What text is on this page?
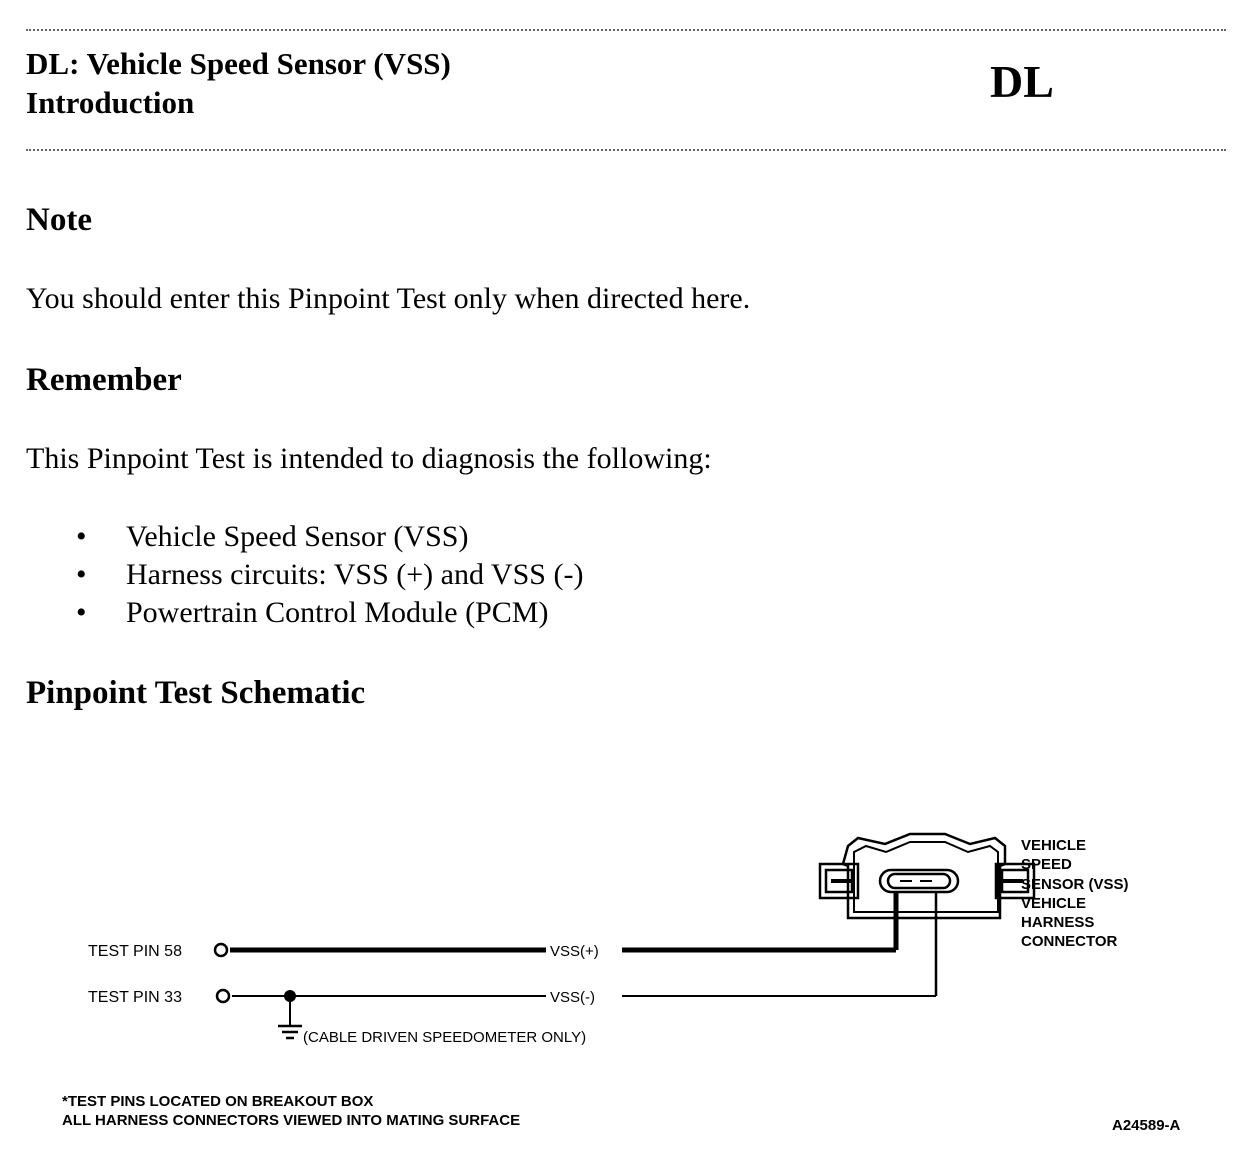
DL: Vehicle Speed Sensor (VSS)
Introduction	DL
Note
You should enter this Pinpoint Test only when directed here.
Remember
This Pinpoint Test is intended to diagnosis the following:
• Vehicle Speed Sensor (VSS)
• Harness circuits: VSS (+) and VSS (-)
• Powertrain Control Module (PCM)
Pinpoint Test Schematic
TEST PIN 58
TEST PIN 33
VSS(+)
VSS(-)
(CABLE DRIVEN SPEEDOMETER ONLY)
VEHICLE
SPEED
SENSOR (VSS)
VEHICLE
HARNESS
CONNECTOR
*TEST PINS LOCATED ON BREAKOUT BOX
ALL HARNESS CONNECTORS VIEWED INTO MATING SURFACE	A24589-A
